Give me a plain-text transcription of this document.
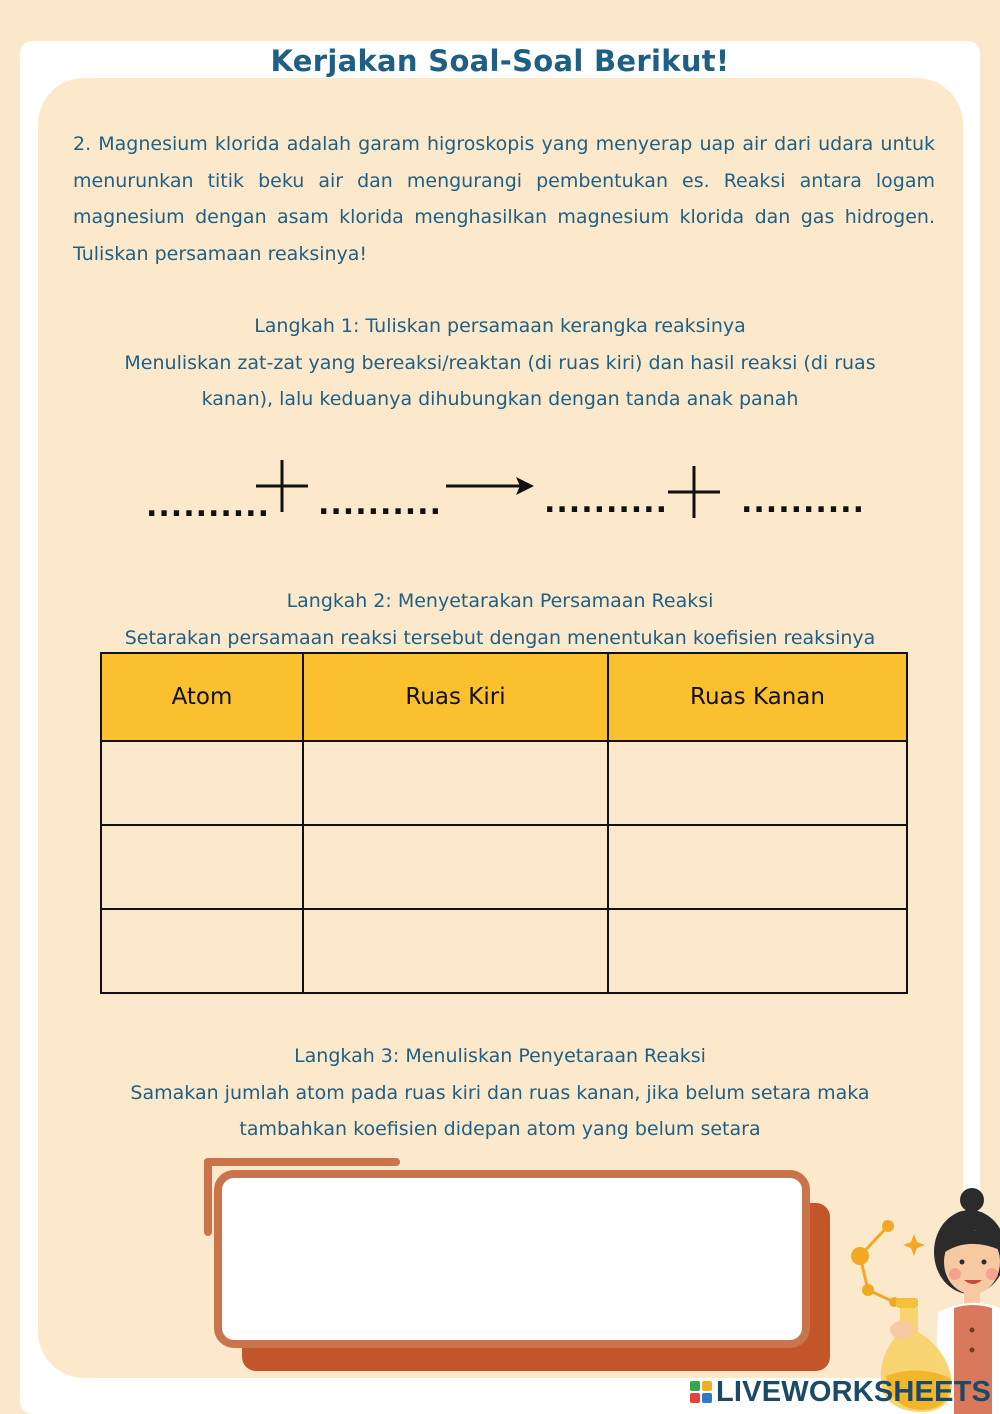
Kerjakan Soal-Soal Berikut!

2. Magnesium klorida adalah garam higroskopis yang menyerap uap air dari udara untuk menurunkan titik beku air dan mengurangi pembentukan es. Reaksi antara logam magnesium dengan asam klorida menghasilkan magnesium klorida dan gas hidrogen. Tuliskan persamaan reaksinya!

Langkah 1: Tuliskan persamaan kerangka reaksinya
Menuliskan zat-zat yang bereaksi/reaktan (di ruas kiri) dan hasil reaksi (di ruas
kanan), lalu keduanya dihubungkan dengan tanda anak panah
.......... ..........	.......... ..........
Langkah 2: Menyetarakan Persamaan Reaksi
Setarakan persamaan reaksi tersebut dengan menentukan koefisien reaksinya
Atom	Ruas Kiri	Ruas Kanan

Langkah 3: Menuliskan Penyetaraan Reaksi
Samakan jumlah atom pada ruas kiri dan ruas kanan, jika belum setara maka
tambahkan koefisien didepan atom yang belum setara
LIVEWORKSHEETS
